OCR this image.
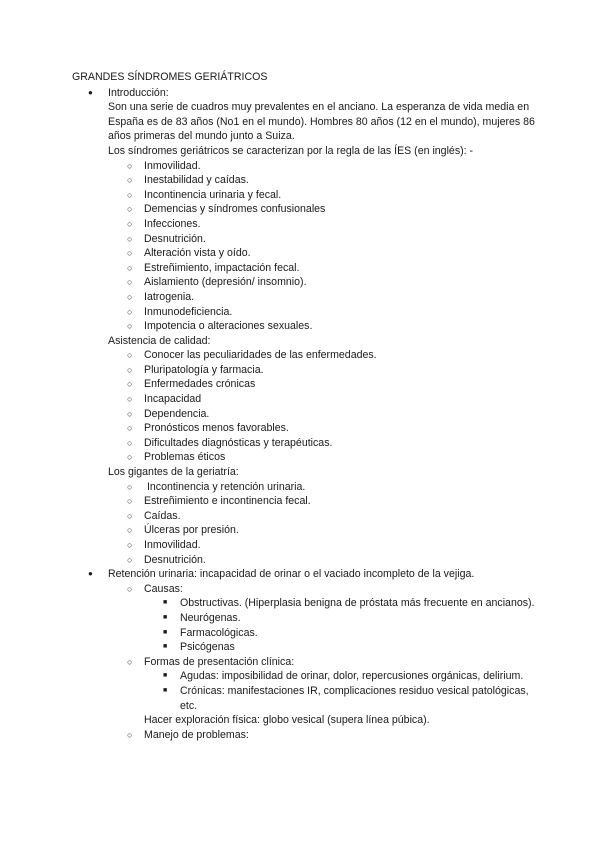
GRANDES SÍNDROMES GERIÁTRICOS

● Introducción:

Son una serie de cuadros muy prevalentes en el anciano. La esperanza de vida media en España es de 83 años (No1 en el mundo). Hombres 80 años (12 en el mundo), mujeres 86 años primeras del mundo junto a Suiza.

Los síndromes geriátricos se caracterizan por la regla de las ÍES (en inglés): -

○ Inmovilidad.
○ Inestabilidad y caídas.
○ Incontinencia urinaria y fecal.
○ Demencias y síndromes confusionales
○ Infecciones.
○ Desnutrición.
○ Alteración vista y oído.
○ Estreñimiento, impactación fecal.
○ Aislamiento (depresión/ insomnio).
○ Iatrogenia.
○ Inmunodeficiencia.
○ Impotencia o alteraciones sexuales.

Asistencia de calidad:

○ Conocer las peculiaridades de las enfermedades.
○ Pluripatología y farmacia.
○ Enfermedades crónicas
○ Incapacidad
○ Dependencia.
○ Pronósticos menos favorables.
○ Dificultades diagnósticas y terapéuticas.
○ Problemas éticos

Los gigantes de la geriatría:

○ Incontinencia y retención urinaria.
○ Estreñimiento e incontinencia fecal.
○ Caídas.
○ Úlceras por presión.
○ Inmovilidad.
○ Desnutrición.
● Retención urinaria: incapacidad de orinar o el vaciado incompleto de la vejiga.

○ Causas:
■ Obstructivas. (Hiperplasia benigna de próstata más frecuente en ancianos).
■ Neurógenas.
■ Farmacológicas.
■ Psicógenas
○ Formas de presentación clínica:
■ Agudas: imposibilidad de orinar, dolor, repercusiones orgánicas, delirium.
■ Crónicas: manifestaciones IR, complicaciones residuo vesical patológicas, etc.
Hacer exploración física: globo vesical (supera línea púbica).
○ Manejo de problemas:
